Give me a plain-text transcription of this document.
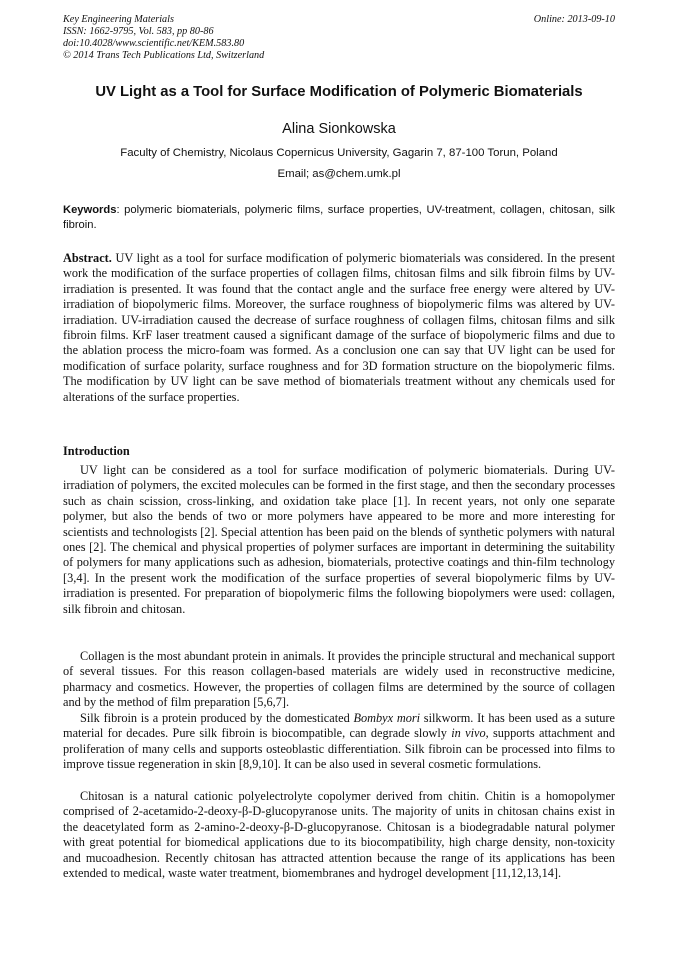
Key Engineering Materials
ISSN: 1662-9795, Vol. 583, pp 80-86
doi:10.4028/www.scientific.net/KEM.583.80
© 2014 Trans Tech Publications Ltd, Switzerland
Online: 2013-09-10
UV Light as a Tool for Surface Modification of Polymeric Biomaterials
Alina Sionkowska
Faculty of Chemistry, Nicolaus Copernicus University, Gagarin 7, 87-100 Torun, Poland
Email; as@chem.umk.pl
Keywords: polymeric biomaterials, polymeric films, surface properties, UV-treatment, collagen, chitosan, silk fibroin.
Abstract. UV light as a tool for surface modification of polymeric biomaterials was considered. In the present work the modification of the surface properties of collagen films, chitosan films and silk fibroin films by UV-irradiation is presented. It was found that the contact angle and the surface free energy were altered by UV-irradiation of biopolymeric films. Moreover, the surface roughness of biopolymeric films was altered by UV-irradiation. UV-irradiation caused the decrease of surface roughness of collagen films, chitosan films and silk fibroin films. KrF laser treatment caused a significant damage of the surface of biopolymeric films and due to the ablation process the micro-foam was formed. As a conclusion one can say that UV light can be used for modification of surface polarity, surface roughness and for 3D formation structure on the biopolymeric films. The modification by UV light can be save method of biomaterials treatment without any chemicals used for alterations of the surface properties.
Introduction

UV light can be considered as a tool for surface modification of polymeric biomaterials. During UV-irradiation of polymers, the excited molecules can be formed in the first stage, and then the secondary processes such as chain scission, cross-linking, and oxidation take place [1]. In recent years, not only one separate polymer, but also the bends of two or more polymers have appeared to be more and more interesting for scientists and technologists [2]. Special attention has been paid on the blends of synthetic polymers with natural ones [2]. The chemical and physical properties of polymer surfaces are important in determining the suitability of polymers for many applications such as adhesion, biomaterials, protective coatings and thin-film technology [3,4]. In the present work the modification of the surface properties of several biopolymeric films by UV-irradiation is presented. For preparation of biopolymeric films the following biopolymers were used: collagen, silk fibroin and chitosan.

Collagen is the most abundant protein in animals. It provides the principle structural and mechanical support of several tissues. For this reason collagen-based materials are widely used in reconstructive medicine, pharmacy and cosmetics. However, the properties of collagen films are determined by the source of collagen and by the method of film preparation [5,6,7].

Silk fibroin is a protein produced by the domesticated Bombyx mori silkworm. It has been used as a suture material for decades. Pure silk fibroin is biocompatible, can degrade slowly in vivo, supports attachment and proliferation of many cells and supports osteoblastic differentiation. Silk fibroin can be processed into films to improve tissue regeneration in skin [8,9,10]. It can be also used in several cosmetic formulations.

Chitosan is a natural cationic polyelectrolyte copolymer derived from chitin. Chitin is a homopolymer comprised of 2-acetamido-2-deoxy-β-D-glucopyranose units. The majority of units in chitosan chains exist in the deacetylated form as 2-amino-2-deoxy-β-D-glucopyranose. Chitosan is a biodegradable natural polymer with great potential for biomedical applications due to its biocompatibility, high charge density, non-toxicity and mucoadhesion. Recently chitosan has attracted attention because the range of its applications has been extended to medical, waste water treatment, biomembranes and hydrogel development [11,12,13,14].
